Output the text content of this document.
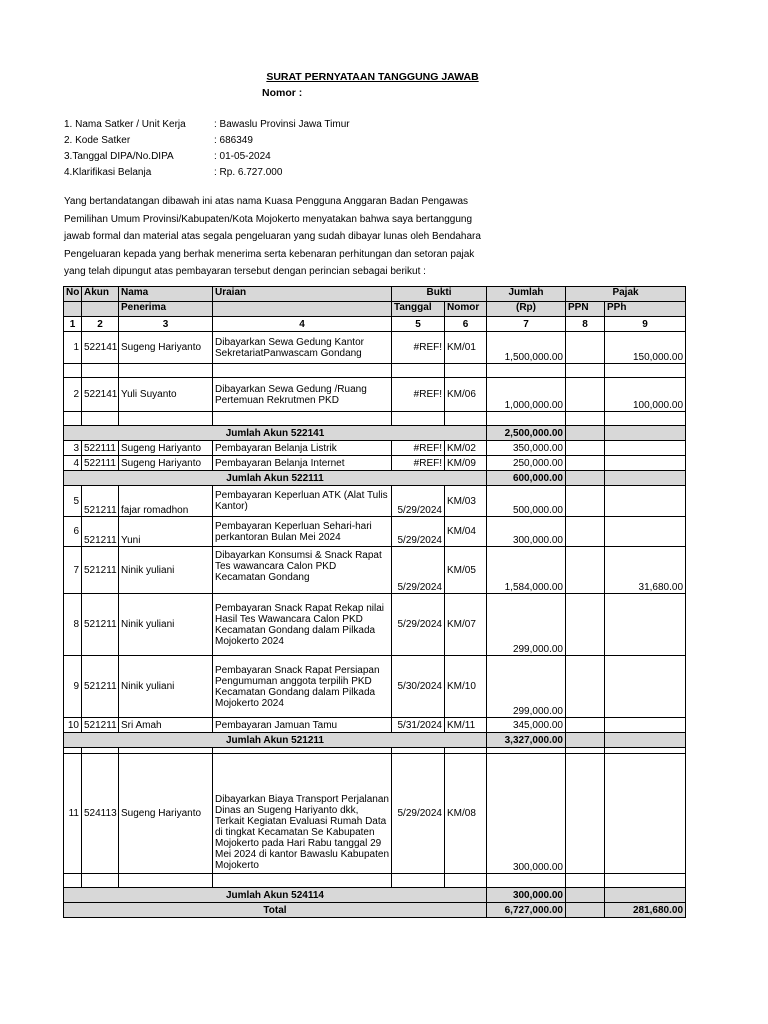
SURAT PERNYATAAN TANGGUNG JAWAB
Nomor :
1. Nama Satker / Unit Kerja	: Bawaslu Provinsi Jawa Timur
2. Kode Satker	: 686349
3.Tanggal DIPA/No.DIPA	: 01-05-2024
4.Klarifikasi Belanja	: Rp. 6.727.000
Yang bertandatangan dibawah ini atas nama Kuasa Pengguna Anggaran Badan Pengawas
Pemilihan Umum Provinsi/Kabupaten/Kota Mojokerto menyatakan bahwa saya bertanggung
jawab formal dan material atas segala pengeluaran yang sudah dibayar lunas oleh Bendahara
Pengeluaran kepada yang berhak menerima serta kebenaran perhitungan dan setoran pajak
yang telah dipungut atas pembayaran tersebut dengan perincian sebagai berikut :
No	Akun	Nama	Uraian	Bukti		Jumlah	Pajak	
		Penerima		Tanggal	Nomor	(Rp)	PPN	PPh
1	2	3	4	5	6	7	8	9
1	522141	Sugeng Hariyanto	Dibayarkan Sewa Gedung Kantor SekretariatPanwascam Gondang	#REF!	KM/01	1,500,000.00		150,000.00

2	522141	Yuli Suyanto	Dibayarkan Sewa Gedung /Ruang Pertemuan Rekrutmen PKD	#REF!	KM/06	1,000,000.00		100,000.00

Jumlah Akun 522141						2,500,000.00		
3	522111	Sugeng Hariyanto	Pembayaran Belanja Listrik	#REF!	KM/02	350,000.00		
4	522111	Sugeng Hariyanto	Pembayaran Belanja Internet	#REF!	KM/09	250,000.00		
Jumlah Akun 522111						600,000.00		
5	521211	fajar romadhon	Pembayaran Keperluan ATK (Alat Tulis Kantor)	5/29/2024	KM/03	500,000.00		
6	521211	Yuni	Pembayaran Keperluan Sehari-hari perkantoran Bulan Mei 2024	5/29/2024	KM/04	300,000.00		
7	521211	Ninik yuliani	Dibayarkan Konsumsi & Snack Rapat Tes wawancara Calon PKD Kecamatan Gondang	5/29/2024	KM/05	1,584,000.00		31,680.00
8	521211	Ninik yuliani	Pembayaran Snack Rapat Rekap nilai Hasil Tes Wawancara Calon PKD Kecamatan Gondang dalam Pilkada Mojokerto 2024	5/29/2024	KM/07	299,000.00		
9	521211	Ninik yuliani	Pembayaran Snack Rapat Persiapan Pengumuman anggota terpilih PKD Kecamatan Gondang dalam Pilkada Mojokerto 2024	5/30/2024	KM/10	299,000.00		
10	521211	Sri Amah	Pembayaran Jamuan Tamu	5/31/2024	KM/11	345,000.00		
Jumlah Akun 521211						3,327,000.00		

11	524113	Sugeng Hariyanto	Dibayarkan Biaya Transport Perjalanan Dinas an Sugeng Hariyanto dkk, Terkait Kegiatan Evaluasi Rumah Data di tingkat Kecamatan Se Kabupaten Mojokerto pada Hari Rabu tanggal 29 Mei 2024 di kantor Bawaslu Kabupaten Mojokerto	5/29/2024	KM/08	300,000.00		

Jumlah Akun 524114						300,000.00		
Total						6,727,000.00		281,680.00
